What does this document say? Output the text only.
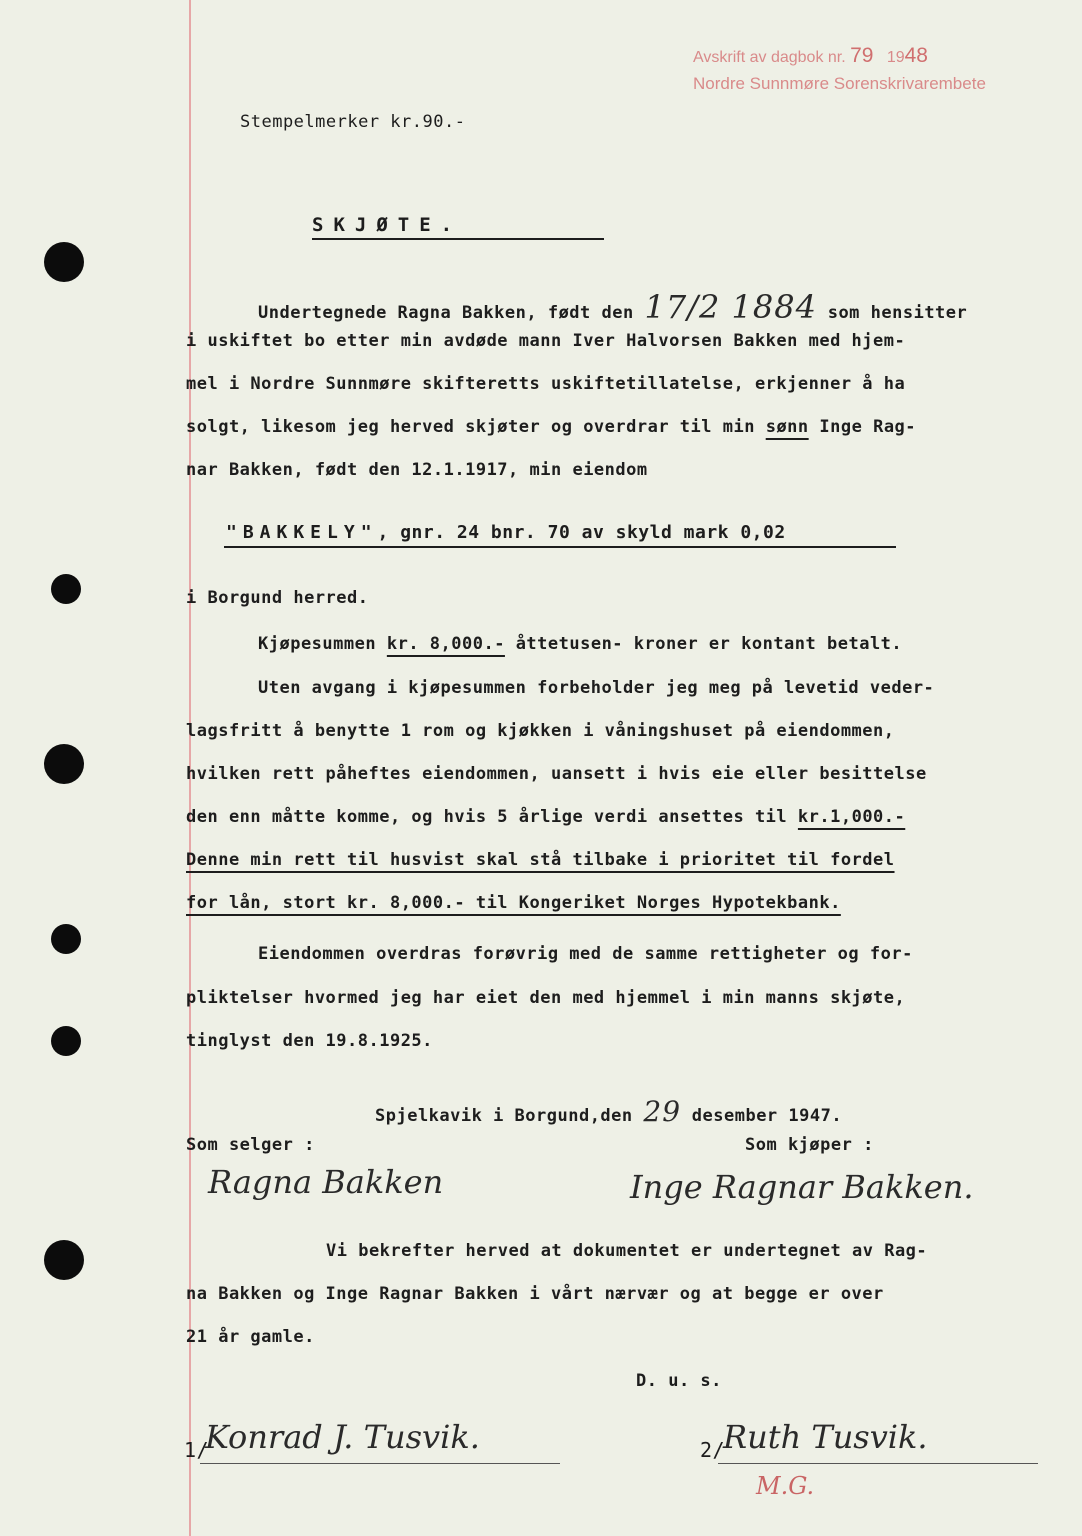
Avskrift av dagbok nr. 79 1948
Nordre Sunnmøre Sorenskrivarembete
Stempelmerker kr.90.-
SKJØTE.
Undertegnede Ragna Bakken, født den 17/2 1884 som hensitter
i uskiftet bo etter min avdøde mann Iver Halvorsen Bakken med hjem-
mel i Nordre Sunnmøre skifteretts uskiftetillatelse, erkjenner å ha
solgt, likesom jeg herved skjøter og overdrar til min sønn Inge Rag-
nar Bakken, født den 12.1.1917, min eiendom
"BAKKELY", gnr. 24 bnr. 70 av skyld mark 0,02
i Borgund herred.
Kjøpesummen kr. 8,000.- åttetusen- kroner er kontant betalt.
Uten avgang i kjøpesummen forbeholder jeg meg på levetid veder-
lagsfritt å benytte 1 rom og kjøkken i våningshuset på eiendommen,
hvilken rett påheftes eiendommen, uansett i hvis eie eller besittelse
den enn måtte komme, og hvis 5 årlige verdi ansettes til kr.1,000.-
Denne min rett til husvist skal stå tilbake i prioritet til fordel
for lån, stort kr. 8,000.- til Kongeriket Norges Hypotekbank.
Eiendommen overdras forøvrig med de samme rettigheter og for-
pliktelser hvormed jeg har eiet den med hjemmel i min manns skjøte,
tinglyst den 19.8.1925.
Spjelkavik i Borgund,den 29 desember 1947.
Som selger :	Som kjøper :
Ragna Bakken	Inge Ragnar Bakken.
Vi bekrefter herved at dokumentet er undertegnet av Rag-
na Bakken og Inge Ragnar Bakken i vårt nærvær og at begge er over
21 år gamle.
D. u. s.
1/
Konrad J. Tusvik.	2/
Ruth Tusvik.
M.G.
